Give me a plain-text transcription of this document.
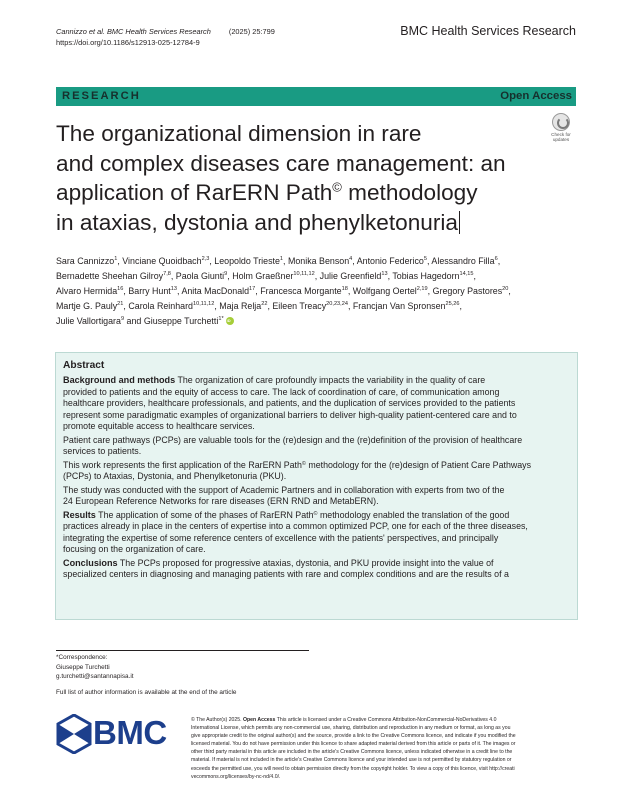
Cannizzo et al. BMC Health Services Research (2025) 25:799
https://doi.org/10.1186/s12913-025-12784-9
BMC Health Services Research
RESEARCH	Open Access
The organizational dimension in rare
and complex diseases care management: an
application of RarERN Path© methodology
in ataxias, dystonia and phenylketonuria
Check for
updates
Sara Cannizzo$^1$, Vinciane Quoidbach$^{2,3}$, Leopoldo Trieste$^1$, Monika Benson$^4$, Antonio Federico$^5$, Alessandro Filla$^6$,
Bernadette Sheehan Gilroy$^{7,8}$, Paola Giunti$^9$, Holm Graeßner$^{10,11,12}$, Julie Greenfield$^{13}$, Tobias Hagedorn$^{14,15}$,
Alvaro Hermida$^{16}$, Barry Hunt$^{13}$, Anita MacDonald$^{17}$, Francesca Morgante$^{18}$, Wolfgang Oertel$^{2,19}$, Gregory Pastores$^{20}$,
Martje G. Pauly$^{21}$, Carola Reinhard$^{10,11,12}$, Maja Relja$^{22}$, Eileen Treacy$^{20,23,24}$, Francjan Van Spronsen$^{25,26}$,
Julie Vallortigara$^9$ and Giuseppe Turchetti$^{1*}$iD
Abstract
Background and methods The organization of care profoundly impacts the variability in the quality of care
provided to patients and the equity of access to care. The lack of coordination of care, of communication among
healthcare providers, healthcare professionals, and patients, and the duplication of services provided to the patients
represent some paradigmatic examples of organizational barriers to deliver high-quality patient-centered care and to
promote equitable access to healthcare services.
Patient care pathways (PCPs) are valuable tools for the (re)design and the (re)definition of the provision of healthcare
services to patients.
This work represents the first application of the RarERN Path© methodology for the (re)design of Patient Care Pathways
(PCPs) to Ataxias, Dystonia, and Phenylketonuria (PKU).
The study was conducted with the support of Academic Partners and in collaboration with experts from two of the
24 European Reference Networks for rare diseases (ERN RND and MetabERN).
Results The application of some of the phases of RarERN Path© methodology enabled the translation of the good
practices already in place in the centers of expertise into a common optimized PCP, one for each of the three diseases,
integrating the expertise of some reference centers of excellence with the patients' perspectives, and principally
focusing on the organization of care.
Conclusions The PCPs proposed for progressive ataxias, dystonia, and PKU provide insight into the value of
specialized centers in diagnosing and managing patients with rare and complex conditions and are the results of a
*Correspondence:
Giuseppe Turchetti
g.turchetti@santannapisa.it
Full list of author information is available at the end of the article
BMC	© The Author(s) 2025. Open Access This article is licensed under a Creative Commons Attribution-NonCommercial-NoDerivatives 4.0
International License, which permits any non-commercial use, sharing, distribution and reproduction in any medium or format, as long as you
give appropriate credit to the original author(s) and the source, provide a link to the Creative Commons licence, and indicate if you modified the
licensed material. You do not have permission under this licence to share adapted material derived from this article or parts of it. The images or
other third party material in this article are included in the article's Creative Commons licence, unless indicated otherwise in a credit line to the
material. If material is not included in the article's Creative Commons licence and your intended use is not permitted by statutory regulation or
exceeds the permitted use, you will need to obtain permission directly from the copyright holder. To view a copy of this licence, visit http://creati
vecommons.org/licenses/by-nc-nd/4.0/.
